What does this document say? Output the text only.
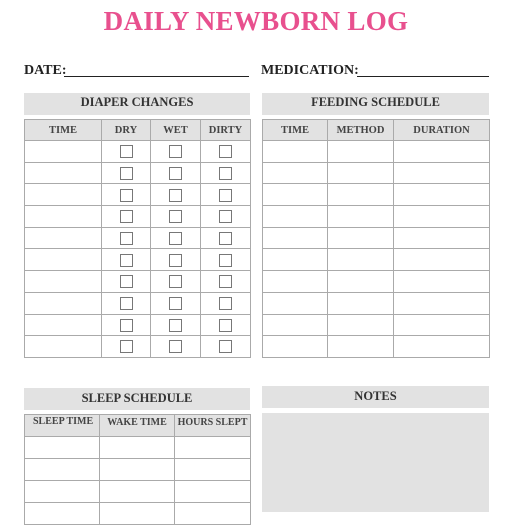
DAILY NEWBORN LOG
DATE:	MEDICATION:
DIAPER CHANGES
TIME	DRY	WET	DIRTY

FEEDING SCHEDULE
TIME	METHOD	DURATION

SLEEP SCHEDULE
SLEEP TIME	WAKE TIME	HOURS SLEPT

NOTES
